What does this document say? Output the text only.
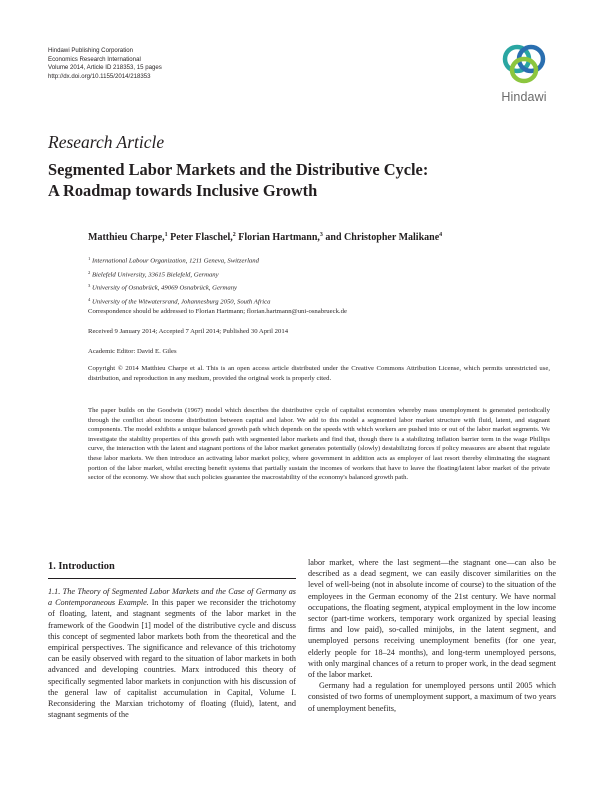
Hindawi Publishing Corporation
Economics Research International
Volume 2014, Article ID 218353, 15 pages
http://dx.doi.org/10.1155/2014/218353
Hindawi
Research Article
Segmented Labor Markets and the Distributive Cycle:
A Roadmap towards Inclusive Growth
Matthieu Charpe,$^1$ Peter Flaschel,$^2$ Florian Hartmann,$^3$ and Christopher Malikane$^4$
$^1$ International Labour Organization, 1211 Geneva, Switzerland
$^2$ Bielefeld University, 33615 Bielefeld, Germany
$^3$ University of Osnabrück, 49069 Osnabrück, Germany
$^4$ University of the Witwatersrand, Johannesburg 2050, South Africa
Correspondence should be addressed to Florian Hartmann; florian.hartmann@uni-osnabrueck.de
Received 9 January 2014; Accepted 7 April 2014; Published 30 April 2014
Academic Editor: David E. Giles
Copyright © 2014 Matthieu Charpe et al. This is an open access article distributed under the Creative Commons Attribution License, which permits unrestricted use, distribution, and reproduction in any medium, provided the original work is properly cited.
The paper builds on the Goodwin (1967) model which describes the distributive cycle of capitalist economies whereby mass unemployment is generated periodically through the conflict about income distribution between capital and labor. We add to this model a segmented labor market structure with fluid, latent, and stagnant components. The model exhibits a unique balanced growth path which depends on the speeds with which workers are pushed into or out of the labor market segments. We investigate the stability properties of this growth path with segmented labor markets and find that, though there is a stabilizing inflation barrier term in the wage Phillips curve, the interaction with the latent and stagnant portions of the labor market generates potentially (slowly) destabilizing forces if policy measures are absent that regulate these labor markets. We then introduce an activating labor market policy, where government in addition acts as employer of last resort thereby eliminating the stagnant portion of the labor market, whilst erecting benefit systems that partially sustain the incomes of workers that have to leave the floating/latent labor market of the private sector of the economy. We show that such policies guarantee the macrostability of the economy's balanced growth path.
1. Introduction

1.1. The Theory of Segmented Labor Markets and the Case of Germany as a Contemporaneous Example. In this paper we reconsider the trichotomy of floating, latent, and stagnant segments of the labor market in the framework of the Goodwin [1] model of the distributive cycle and discuss this concept of segmented labor markets both from the theoretical and the empirical perspectives. The significance and relevance of this trichotomy can be easily observed with regard to the situation of labor markets in both advanced and developing countries. Marx introduced this theory of specifically segmented labor markets in conjunction with his discussion of the general law of capitalist accumulation in Capital, Volume I. Reconsidering the Marxian trichotomy of floating (fluid), latent, and stagnant segments of the

labor market, where the last segment—the stagnant one—can also be described as a dead segment, we can easily discover similarities on the level of well-being (not in absolute income of course) to the situation of the employees in the German economy of the 21st century. We have normal occupations, the floating segment, atypical employment in the low income sector (part-time workers, temporary work organized by special leasing firms and low paid), so-called minijobs, in the latent segment, and unemployed persons receiving unemployment benefits (for one year, elderly people for 18–24 months), and long-term unemployed persons, with only marginal chances of a return to proper work, in the dead segment of the labor market.

Germany had a regulation for unemployed persons until 2005 which consisted of two forms of unemployment support, a maximum of two years of unemployment benefits,
